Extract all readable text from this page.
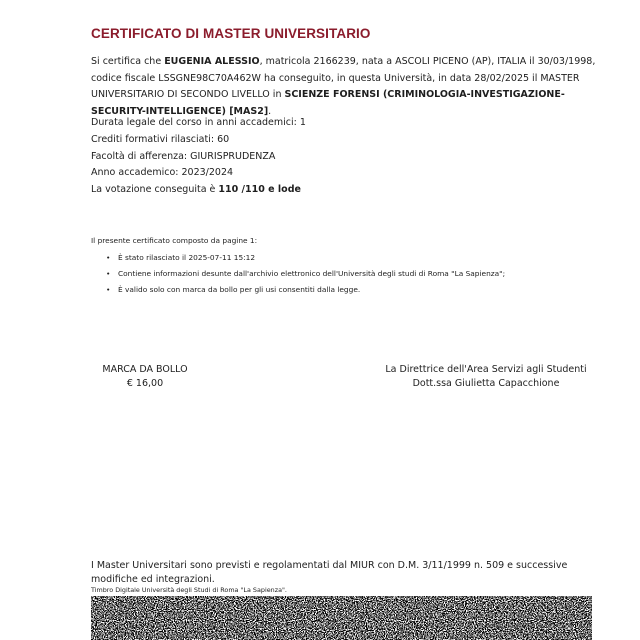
CERTIFICATO DI MASTER UNIVERSITARIO

Si certifica che EUGENIA ALESSIO, matricola 2166239, nata a ASCOLI PICENO (AP), ITALIA il 30/03/1998, codice fiscale LSSGNE98C70A462W ha conseguito, in questa Università, in data 28/02/2025 il MASTER UNIVERSITARIO DI SECONDO LIVELLO in SCIENZE FORENSI (CRIMINOLOGIA-INVESTIGAZIONE-SECURITY-INTELLIGENCE) [MAS2].

Durata legale del corso in anni accademici: 1
Crediti formativi rilasciati: 60
Facoltà di afferenza: GIURISPRUDENZA
Anno accademico: 2023/2024
La votazione conseguita è 110 /110 e lode

Il presente certificato composto da pagine 1:

• È stato rilasciato il 2025-07-11 15:12
• Contiene informazioni desunte dall'archivio elettronico dell'Università degli studi di Roma "La Sapienza";
• È valido solo con marca da bollo per gli usi consentiti dalla legge.
MARCA DA BOLLO
€ 16,00
La Direttrice dell'Area Servizi agli Studenti
Dott.ssa Giulietta Capacchione

I Master Universitari sono previsti e regolamentati dal MIUR con D.M. 3/11/1999 n. 509 e successive modifiche ed integrazioni.

Timbro Digitale Università degli Studi di Roma "La Sapienza".
